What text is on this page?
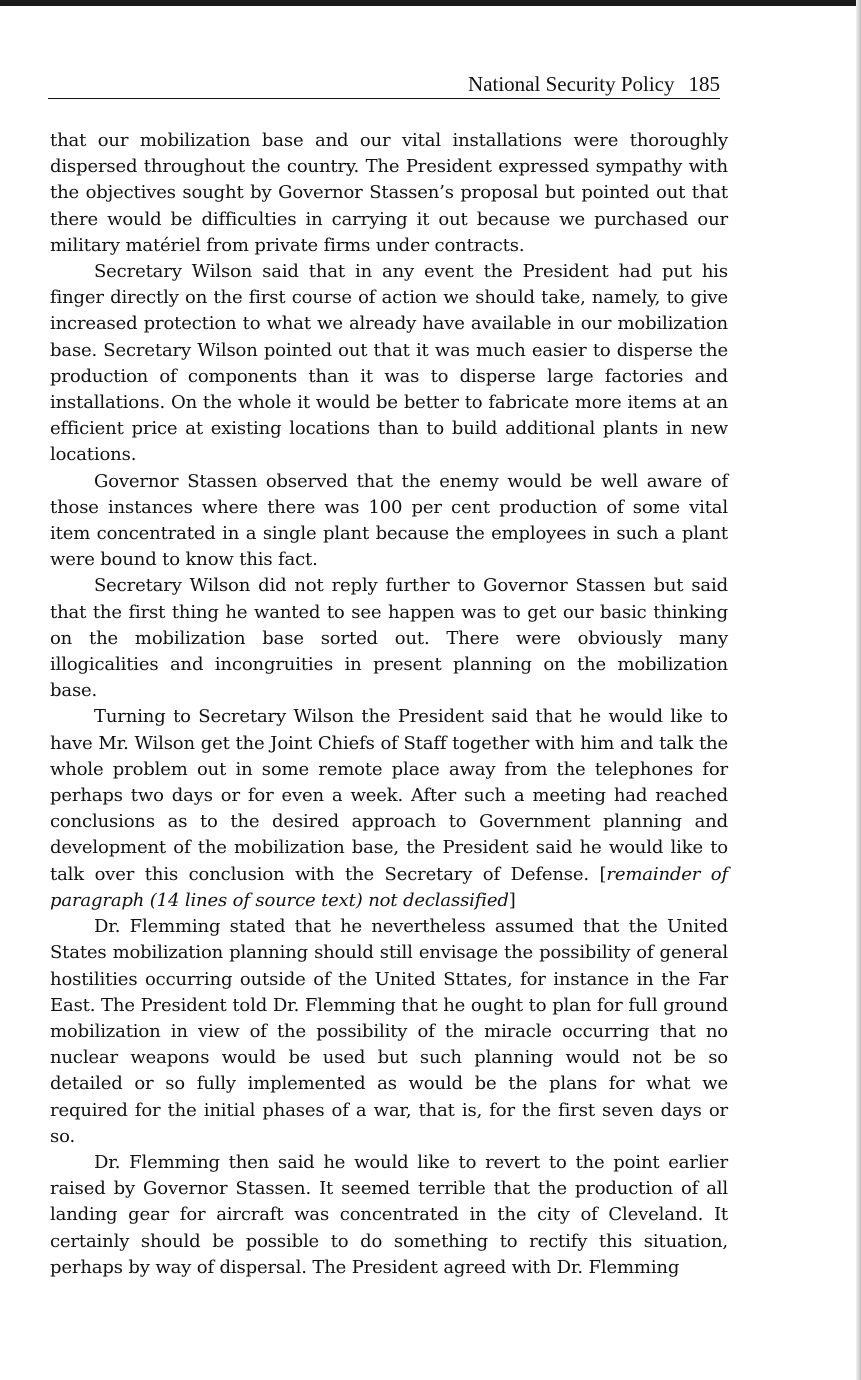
National Security Policy 185

that our mobilization base and our vital installations were thoroughly dispersed throughout the country. The President expressed sympathy with the objectives sought by Governor Stassen’s proposal but pointed out that there would be difficulties in carrying it out because we purchased our military matériel from private firms under contracts.

Secretary Wilson said that in any event the President had put his finger directly on the first course of action we should take, namely, to give increased protection to what we already have available in our mobilization base. Secretary Wilson pointed out that it was much easier to disperse the production of components than it was to disperse large factories and installations. On the whole it would be better to fabricate more items at an efficient price at existing locations than to build additional plants in new locations.

Governor Stassen observed that the enemy would be well aware of those instances where there was 100 per cent production of some vital item concentrated in a single plant because the employees in such a plant were bound to know this fact.

Secretary Wilson did not reply further to Governor Stassen but said that the first thing he wanted to see happen was to get our basic thinking on the mobilization base sorted out. There were obviously many illogicalities and incongruities in present planning on the mobilization base.

Turning to Secretary Wilson the President said that he would like to have Mr. Wilson get the Joint Chiefs of Staff together with him and talk the whole problem out in some remote place away from the telephones for perhaps two days or for even a week. After such a meeting had reached conclusions as to the desired approach to Government planning and development of the mobilization base, the President said he would like to talk over this conclusion with the Secretary of Defense. [remainder of paragraph (14 lines of source text) not declassified]

Dr. Flemming stated that he nevertheless assumed that the United States mobilization planning should still envisage the possibility of general hostilities occurring outside of the United Sttates, for instance in the Far East. The President told Dr. Flemming that he ought to plan for full ground mobilization in view of the possibility of the miracle occurring that no nuclear weapons would be used but such planning would not be so detailed or so fully implemented as would be the plans for what we required for the initial phases of a war, that is, for the first seven days or so.

Dr. Flemming then said he would like to revert to the point earlier raised by Governor Stassen. It seemed terrible that the production of all landing gear for aircraft was concentrated in the city of Cleveland. It certainly should be possible to do something to rectify this situation, perhaps by way of dispersal. The President agreed with Dr. Flemming
